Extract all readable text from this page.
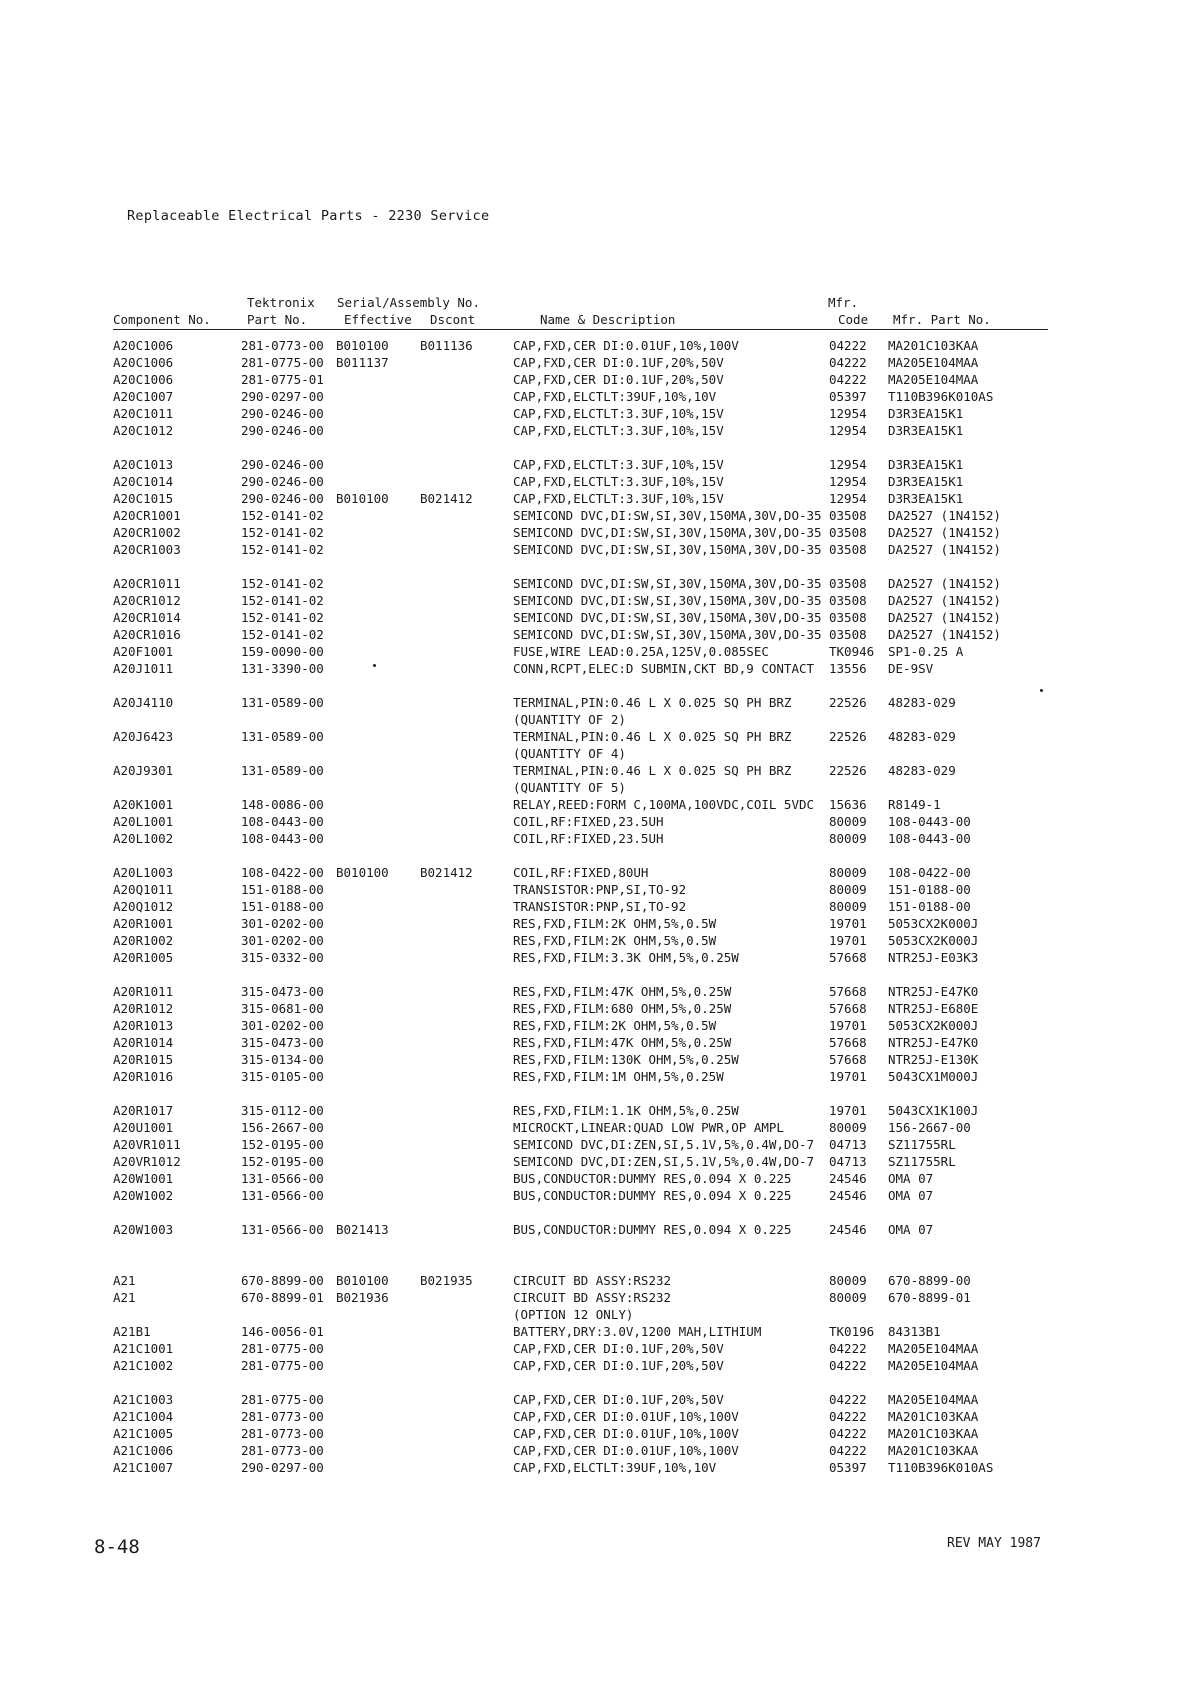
Replaceable Electrical Parts - 2230 Service
Tektronix Serial/Assembly No.	Mfr.
Component No.	Part No.	Effective Dscont	Name & Description	Code Mfr. Part No.
A20C1006	281-0773-00 B010100	B011136	CAP,FXD,CER DI:0.01UF,10%,100V	04222 MA201C103KAA
A20C1006	281-0775-00 B011137	CAP,FXD,CER DI:0.1UF,20%,50V	04222 MA205E104MAA
A20C1006	281-0775-01	CAP,FXD,CER DI:0.1UF,20%,50V	04222 MA205E104MAA
A20C1007	290-0297-00	CAP,FXD,ELCTLT:39UF,10%,10V	05397 T110B396K010AS
A20C1011	290-0246-00	CAP,FXD,ELCTLT:3.3UF,10%,15V	12954 D3R3EA15K1
A20C1012	290-0246-00	CAP,FXD,ELCTLT:3.3UF,10%,15V	12954 D3R3EA15K1
A20C1013	290-0246-00	CAP,FXD,ELCTLT:3.3UF,10%,15V	12954 D3R3EA15K1
A20C1014	290-0246-00	CAP,FXD,ELCTLT:3.3UF,10%,15V	12954 D3R3EA15K1
A20C1015	290-0246-00 B010100	B021412	CAP,FXD,ELCTLT:3.3UF,10%,15V	12954 D3R3EA15K1
A20CR1001	152-0141-02	SEMICOND DVC,DI:SW,SI,30V,150MA,30V,DO-35 03508 DA2527 (1N4152)
A20CR1002	152-0141-02	SEMICOND DVC,DI:SW,SI,30V,150MA,30V,DO-35 03508 DA2527 (1N4152)
A20CR1003	152-0141-02	SEMICOND DVC,DI:SW,SI,30V,150MA,30V,DO-35 03508 DA2527 (1N4152)
A20CR1011	152-0141-02	SEMICOND DVC,DI:SW,SI,30V,150MA,30V,DO-35 03508 DA2527 (1N4152)
A20CR1012	152-0141-02	SEMICOND DVC,DI:SW,SI,30V,150MA,30V,DO-35 03508 DA2527 (1N4152)
A20CR1014	152-0141-02	SEMICOND DVC,DI:SW,SI,30V,150MA,30V,DO-35 03508 DA2527 (1N4152)
A20CR1016	152-0141-02	SEMICOND DVC,DI:SW,SI,30V,150MA,30V,DO-35 03508 DA2527 (1N4152)
A20F1001	159-0090-00	FUSE,WIRE LEAD:0.25A,125V,0.085SEC	TK0946 SP1-0.25 A
A20J1011	131-3390-00	CONN,RCPT,ELEC:D SUBMIN,CKT BD,9 CONTACT 13556 DE-9SV
A20J4110	131-0589-00	TERMINAL,PIN:0.46 L X 0.025 SQ PH BRZ	22526 48283-029
(QUANTITY OF 2)
A20J6423	131-0589-00	TERMINAL,PIN:0.46 L X 0.025 SQ PH BRZ	22526 48283-029
(QUANTITY OF 4)
A20J9301	131-0589-00	TERMINAL,PIN:0.46 L X 0.025 SQ PH BRZ	22526 48283-029
(QUANTITY OF 5)
A20K1001	148-0086-00	RELAY,REED:FORM C,100MA,100VDC,COIL 5VDC 15636 R8149-1
A20L1001	108-0443-00	COIL,RF:FIXED,23.5UH	80009 108-0443-00
A20L1002	108-0443-00	COIL,RF:FIXED,23.5UH	80009 108-0443-00
A20L1003	108-0422-00 B010100	B021412	COIL,RF:FIXED,80UH	80009 108-0422-00
A20Q1011	151-0188-00	TRANSISTOR:PNP,SI,TO-92	80009 151-0188-00
A20Q1012	151-0188-00	TRANSISTOR:PNP,SI,TO-92	80009 151-0188-00
A20R1001	301-0202-00	RES,FXD,FILM:2K OHM,5%,0.5W	19701 5053CX2K000J
A20R1002	301-0202-00	RES,FXD,FILM:2K OHM,5%,0.5W	19701 5053CX2K000J
A20R1005	315-0332-00	RES,FXD,FILM:3.3K OHM,5%,0.25W	57668 NTR25J-E03K3
A20R1011	315-0473-00	RES,FXD,FILM:47K OHM,5%,0.25W	57668 NTR25J-E47K0
A20R1012	315-0681-00	RES,FXD,FILM:680 OHM,5%,0.25W	57668 NTR25J-E680E
A20R1013	301-0202-00	RES,FXD,FILM:2K OHM,5%,0.5W	19701 5053CX2K000J
A20R1014	315-0473-00	RES,FXD,FILM:47K OHM,5%,0.25W	57668 NTR25J-E47K0
A20R1015	315-0134-00	RES,FXD,FILM:130K OHM,5%,0.25W	57668 NTR25J-E130K
A20R1016	315-0105-00	RES,FXD,FILM:1M OHM,5%,0.25W	19701 5043CX1M000J
A20R1017	315-0112-00	RES,FXD,FILM:1.1K OHM,5%,0.25W	19701 5043CX1K100J
A20U1001	156-2667-00	MICROCKT,LINEAR:QUAD LOW PWR,OP AMPL	80009 156-2667-00
A20VR1011	152-0195-00	SEMICOND DVC,DI:ZEN,SI,5.1V,5%,0.4W,DO-7 04713 SZ11755RL
A20VR1012	152-0195-00	SEMICOND DVC,DI:ZEN,SI,5.1V,5%,0.4W,DO-7 04713 SZ11755RL
A20W1001	131-0566-00	BUS,CONDUCTOR:DUMMY RES,0.094 X 0.225	24546 OMA 07
A20W1002	131-0566-00	BUS,CONDUCTOR:DUMMY RES,0.094 X 0.225	24546 OMA 07
A20W1003	131-0566-00 B021413	BUS,CONDUCTOR:DUMMY RES,0.094 X 0.225	24546 OMA 07
A21	670-8899-00 B010100	B021935	CIRCUIT BD ASSY:RS232	80009 670-8899-00
A21	670-8899-01 B021936	CIRCUIT BD ASSY:RS232	80009 670-8899-01
(OPTION 12 ONLY)
A21B1	146-0056-01	BATTERY,DRY:3.0V,1200 MAH,LITHIUM	TK0196 84313B1
A21C1001	281-0775-00	CAP,FXD,CER DI:0.1UF,20%,50V	04222 MA205E104MAA
A21C1002	281-0775-00	CAP,FXD,CER DI:0.1UF,20%,50V	04222 MA205E104MAA
A21C1003	281-0775-00	CAP,FXD,CER DI:0.1UF,20%,50V	04222 MA205E104MAA
A21C1004	281-0773-00	CAP,FXD,CER DI:0.01UF,10%,100V	04222 MA201C103KAA
A21C1005	281-0773-00	CAP,FXD,CER DI:0.01UF,10%,100V	04222 MA201C103KAA
A21C1006	281-0773-00	CAP,FXD,CER DI:0.01UF,10%,100V	04222 MA201C103KAA
A21C1007	290-0297-00	CAP,FXD,ELCTLT:39UF,10%,10V	05397 T110B396K010AS
8-48	REV MAY 1987
